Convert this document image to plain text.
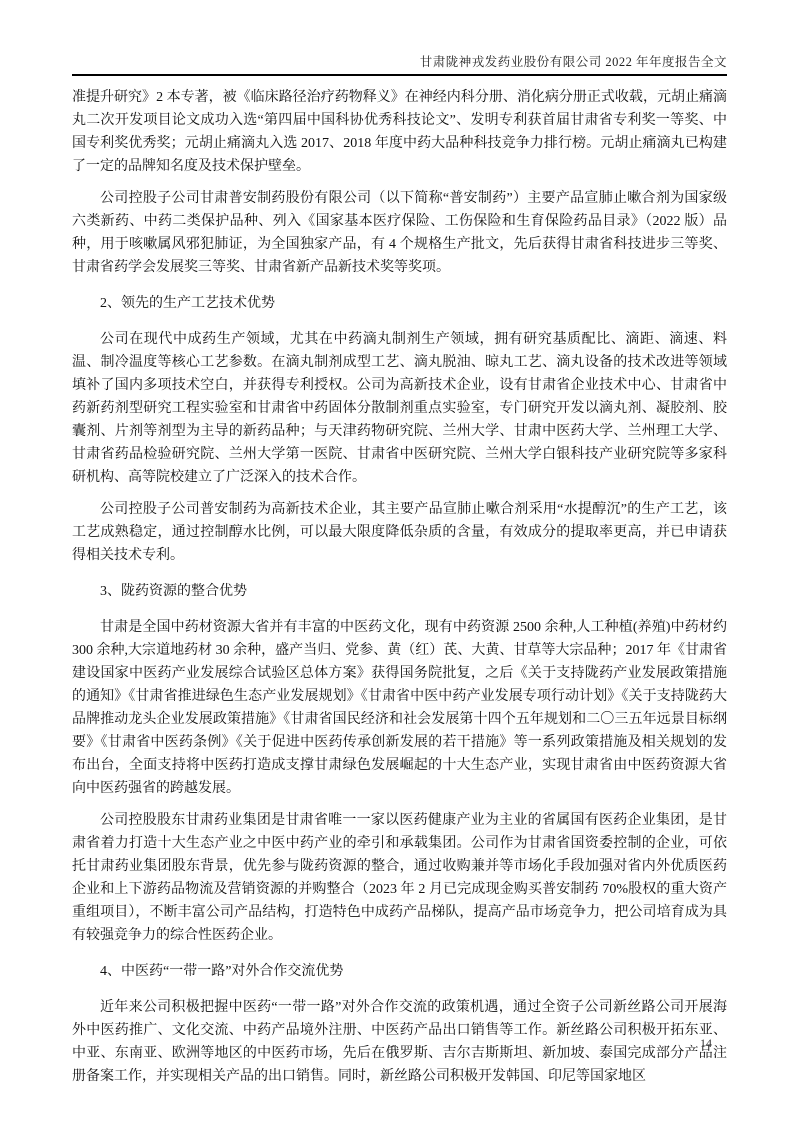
甘肃陇神戎发药业股份有限公司 2022 年年度报告全文

准提升研究》2 本专著，被《临床路径治疗药物释义》在神经内科分册、消化病分册正式收载，元胡止痛滴丸二次开发项目论文成功入选“第四届中国科协优秀科技论文”、发明专利获首届甘肃省专利奖一等奖、中国专利奖优秀奖；元胡止痛滴丸入选 2017、2018 年度中药大品种科技竞争力排行榜。元胡止痛滴丸已构建了一定的品牌知名度及技术保护壁垒。

公司控股子公司甘肃普安制药股份有限公司（以下简称“普安制药”）主要产品宣肺止嗽合剂为国家级六类新药、中药二类保护品种、列入《国家基本医疗保险、工伤保险和生育保险药品目录》（2022 版）品种，用于咳嗽属风邪犯肺证，为全国独家产品，有 4 个规格生产批文，先后获得甘肃省科技进步三等奖、甘肃省药学会发展奖三等奖、甘肃省新产品新技术奖等奖项。

2、领先的生产工艺技术优势

公司在现代中成药生产领域，尤其在中药滴丸制剂生产领域，拥有研究基质配比、滴距、滴速、料温、制冷温度等核心工艺参数。在滴丸制剂成型工艺、滴丸脱油、晾丸工艺、滴丸设备的技术改进等领域填补了国内多项技术空白，并获得专利授权。公司为高新技术企业，设有甘肃省企业技术中心、甘肃省中药新药剂型研究工程实验室和甘肃省中药固体分散制剂重点实验室，专门研究开发以滴丸剂、凝胶剂、胶囊剂、片剂等剂型为主导的新药品种；与天津药物研究院、兰州大学、甘肃中医药大学、兰州理工大学、甘肃省药品检验研究院、兰州大学第一医院、甘肃省中医研究院、兰州大学白银科技产业研究院等多家科研机构、高等院校建立了广泛深入的技术合作。

公司控股子公司普安制药为高新技术企业，其主要产品宣肺止嗽合剂采用“水提醇沉”的生产工艺，该工艺成熟稳定，通过控制醇水比例，可以最大限度降低杂质的含量，有效成分的提取率更高，并已申请获得相关技术专利。

3、陇药资源的整合优势

甘肃是全国中药材资源大省并有丰富的中医药文化，现有中药资源 2500 余种,人工种植(养殖)中药材约 300 余种,大宗道地药材 30 余种，盛产当归、党参、黄（红）芪、大黄、甘草等大宗品种；2017 年《甘肃省建设国家中医药产业发展综合试验区总体方案》获得国务院批复，之后《关于支持陇药产业发展政策措施的通知》《甘肃省推进绿色生态产业发展规划》《甘肃省中医中药产业发展专项行动计划》《关于支持陇药大品牌推动龙头企业发展政策措施》《甘肃省国民经济和社会发展第十四个五年规划和二〇三五年远景目标纲要》《甘肃省中医药条例》《关于促进中医药传承创新发展的若干措施》等一系列政策措施及相关规划的发布出台，全面支持将中医药打造成支撑甘肃绿色发展崛起的十大生态产业，实现甘肃省由中医药资源大省向中医药强省的跨越发展。

公司控股股东甘肃药业集团是甘肃省唯一一家以医药健康产业为主业的省属国有医药企业集团，是甘肃省着力打造十大生态产业之中医中药产业的牵引和承载集团。公司作为甘肃省国资委控制的企业，可依托甘肃药业集团股东背景，优先参与陇药资源的整合，通过收购兼并等市场化手段加强对省内外优质医药企业和上下游药品物流及营销资源的并购整合（2023 年 2 月已完成现金购买普安制药 70%股权的重大资产重组项目），不断丰富公司产品结构，打造特色中成药产品梯队，提高产品市场竞争力，把公司培育成为具有较强竞争力的综合性医药企业。

4、中医药“一带一路”对外合作交流优势

近年来公司积极把握中医药“一带一路”对外合作交流的政策机遇，通过全资子公司新丝路公司开展海外中医药推广、文化交流、中药产品境外注册、中医药产品出口销售等工作。新丝路公司积极开拓东亚、中亚、东南亚、欧洲等地区的中医药市场，先后在俄罗斯、吉尔吉斯斯坦、新加坡、泰国完成部分产品注册备案工作，并实现相关产品的出口销售。同时，新丝路公司积极开发韩国、印尼等国家地区

14
